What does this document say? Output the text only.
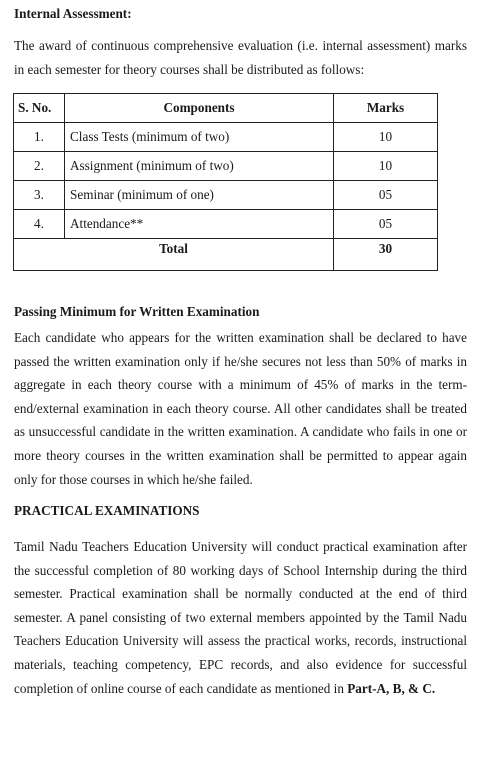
Internal Assessment:

The award of continuous comprehensive evaluation (i.e. internal assessment) marks in each semester for theory courses shall be distributed as follows:

S. No.	Components	Marks
1.	Class Tests (minimum of two)	10
2.	Assignment (minimum of two)	10
3.	Seminar (minimum of one)	05
4.	Attendance**	05
Total		30
Passing Minimum for Written Examination

Each candidate who appears for the written examination shall be declared to have passed the written examination only if he/she secures not less than 50% of marks in aggregate in each theory course with a minimum of 45% of marks in the term-end/external examination in each theory course. All other candidates shall be treated as unsuccessful candidate in the written examination. A candidate who fails in one or more theory courses in the written examination shall be permitted to appear again only for those courses in which he/she failed.

PRACTICAL EXAMINATIONS

Tamil Nadu Teachers Education University will conduct practical examination after the successful completion of 80 working days of School Internship during the third semester. Practical examination shall be normally conducted at the end of third semester. A panel consisting of two external members appointed by the Tamil Nadu Teachers Education University will assess the practical works, records, instructional materials, teaching competency, EPC records, and also evidence for successful completion of online course of each candidate as mentioned in Part-A, B, & C.
